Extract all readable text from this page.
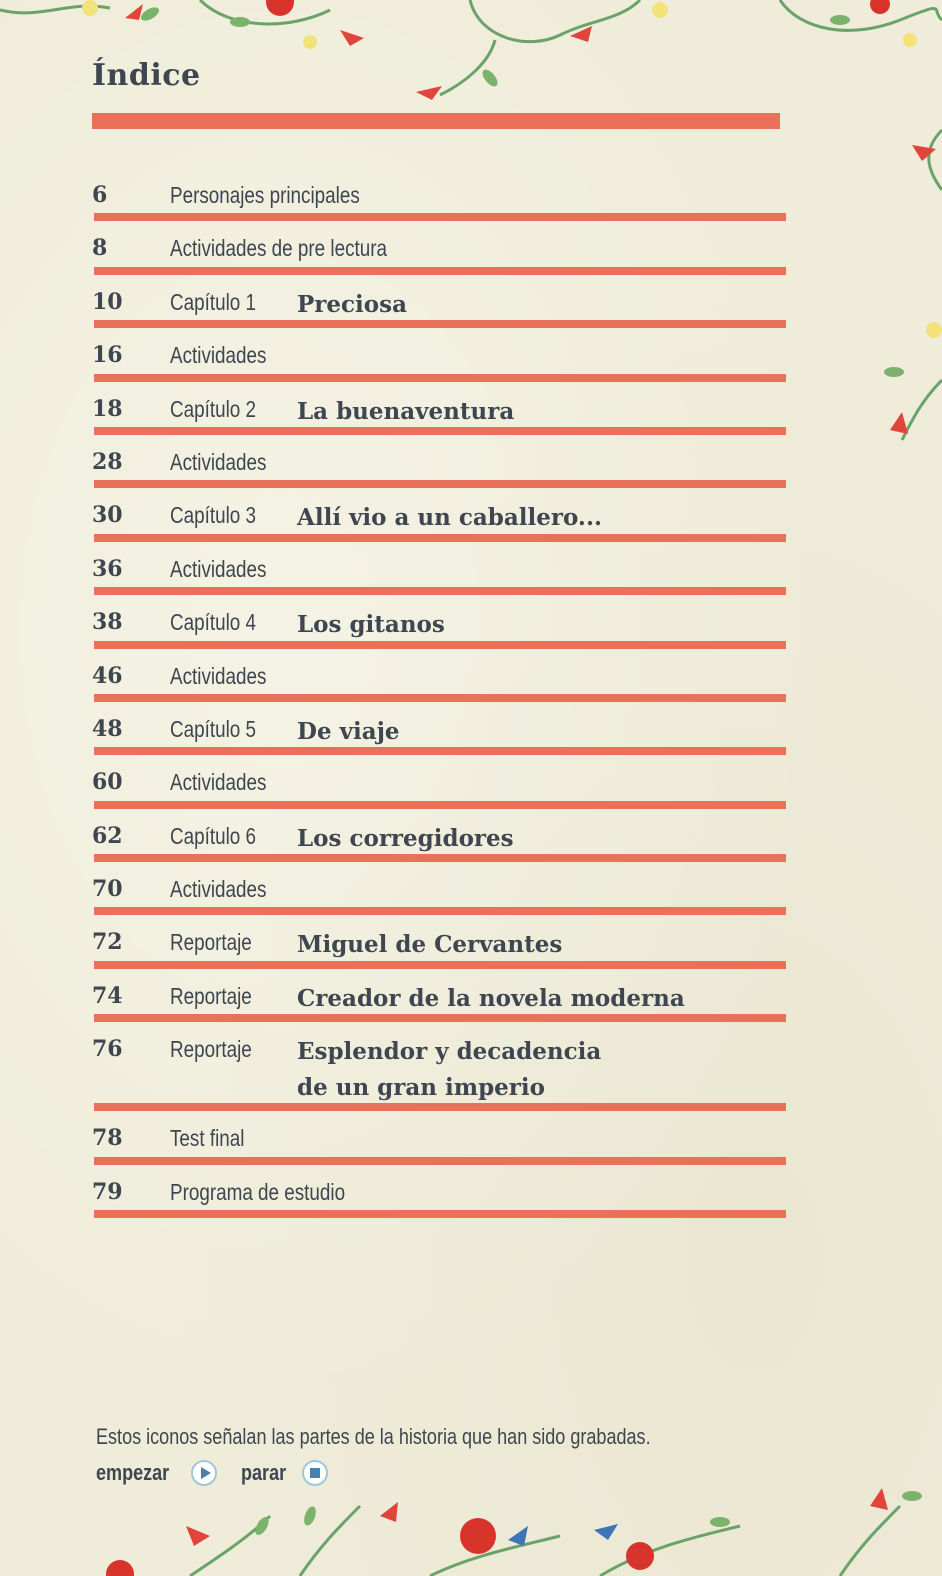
Índice
6	Personajes principales
8	Actividades de pre lectura
10 Capítulo 1 Preciosa
16 Actividades
18 Capítulo 2 La buenaventura
28 Actividades
30 Capítulo 3 Allí vio a un caballero...
36 Actividades
38 Capítulo 4 Los gitanos
46 Actividades
48 Capítulo 5 De viaje
60 Actividades
62 Capítulo 6 Los corregidores
70 Actividades
72 Reportaje Miguel de Cervantes
74 Reportaje Creador de la novela moderna
76 Reportaje Esplendor y decadencia
de un gran imperio
78 Test final
79 Programa de estudio
Estos iconos señalan las partes de la historia que han sido grabadas.
empezar	parar
